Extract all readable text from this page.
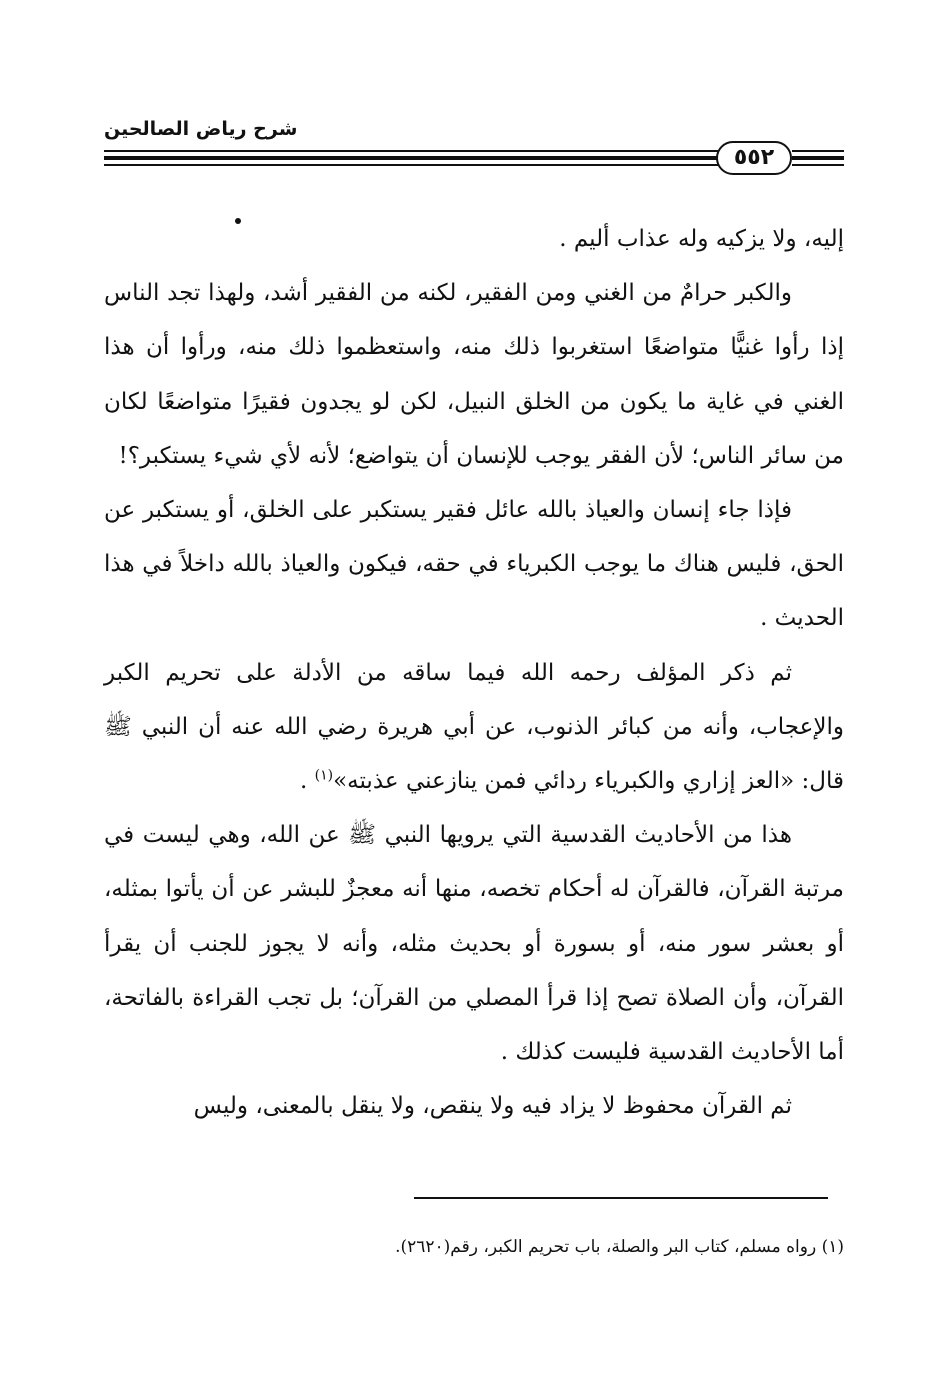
شرح رياض الصالحين
٥٥٢

إليه، ولا يزكيه وله عذاب أليم .

والكبر حرامٌ من الغني ومن الفقير، لكنه من الفقير أشد، ولهذا تجد الناس إذا رأوا غنيًّا متواضعًا استغربوا ذلك منه، واستعظموا ذلك منه، ورأوا أن هذا الغني في غاية ما يكون من الخلق النبيل، لكن لو يجدون فقيرًا متواضعًا لكان من سائر الناس؛ لأن الفقر يوجب للإنسان أن يتواضع؛ لأنه لأي شيء يستكبر؟!

فإذا جاء إنسان والعياذ بالله عائل فقير يستكبر على الخلق، أو يستكبر عن الحق، فليس هناك ما يوجب الكبرياء في حقه، فيكون والعياذ بالله داخلاً في هذا الحديث .

ثم ذكر المؤلف رحمه الله فيما ساقه من الأدلة على تحريم الكبر والإعجاب، وأنه من كبائر الذنوب، عن أبي هريرة رضي الله عنه أن النبي ﷺ قال: «العز إزاري والكبرياء ردائي فمن ينازعني عذبته»$^{(١)}$ .

هذا من الأحاديث القدسية التي يرويها النبي ﷺ عن الله، وهي ليست في مرتبة القرآن، فالقرآن له أحكام تخصه، منها أنه معجزٌ للبشر عن أن يأتوا بمثله، أو بعشر سور منه، أو بسورة أو بحديث مثله، وأنه لا يجوز للجنب أن يقرأ القرآن، وأن الصلاة تصح إذا قرأ المصلي من القرآن؛ بل تجب القراءة بالفاتحة، أما الأحاديث القدسية فليست كذلك .

ثم القرآن محفوظ لا يزاد فيه ولا ينقص، ولا ينقل بالمعنى، وليس

(١) رواه مسلم، كتاب البر والصلة، باب تحريم الكبر، رقم(٢٦٢٠).
